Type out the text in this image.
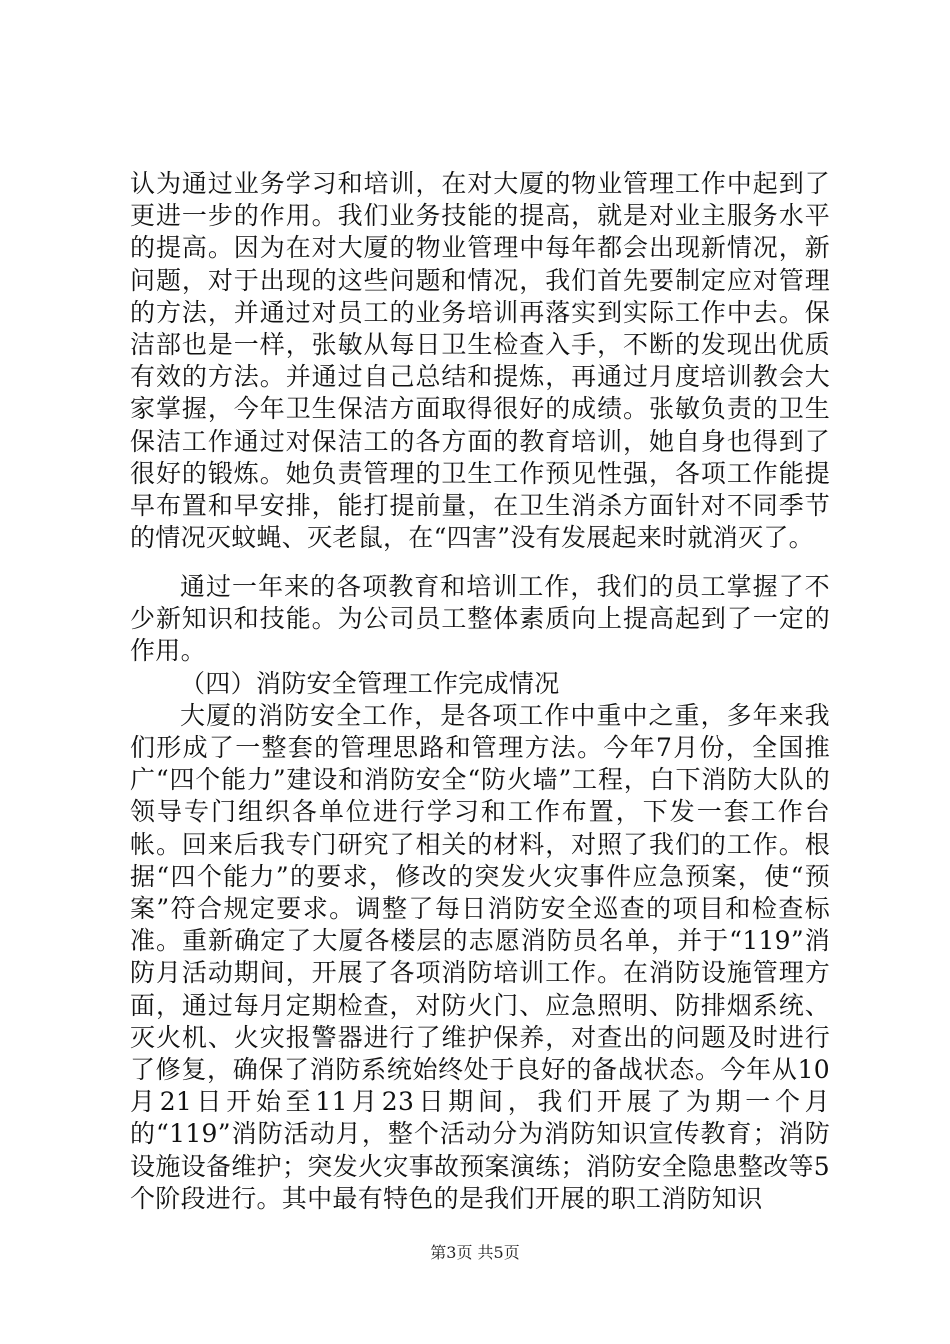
认为通过业务学习和培训，在对大厦的物业管理工作中起到了更进一步的作用。我们业务技能的提高，就是对业主服务水平的提高。因为在对大厦的物业管理中每年都会出现新情况，新问题，对于出现的这些问题和情况，我们首先要制定应对管理的方法，并通过对员工的业务培训再落实到实际工作中去。保洁部也是一样，张敏从每日卫生检查入手，不断的发现出优质有效的方法。并通过自己总结和提炼，再通过月度培训教会大家掌握，今年卫生保洁方面取得很好的成绩。张敏负责的卫生保洁工作通过对保洁工的各方面的教育培训，她自身也得到了很好的锻炼。她负责管理的卫生工作预见性强，各项工作能提早布置和早安排，能打提前量，在卫生消杀方面针对不同季节的情况灭蚊蝇、灭老鼠，在“四害”没有发展起来时就消灭了。
通过一年来的各项教育和培训工作，我们的员工掌握了不少新知识和技能。为公司员工整体素质向上提高起到了一定的作用。
（四）消防安全管理工作完成情况
大厦的消防安全工作，是各项工作中重中之重，多年来我们形成了一整套的管理思路和管理方法。今年7月份，全国推广“四个能力”建设和消防安全“防火墙”工程，白下消防大队的领导专门组织各单位进行学习和工作布置，下发一套工作台帐。回来后我专门研究了相关的材料，对照了我们的工作。根据“四个能力”的要求，修改的突发火灾事件应急预案，使“预案”符合规定要求。调整了每日消防安全巡查的项目和检查标准。重新确定了大厦各楼层的志愿消防员名单，并于“119”消防月活动期间，开展了各项消防培训工作。在消防设施管理方面，通过每月定期检查，对防火门、应急照明、防排烟系统、灭火机、火灾报警器进行了维护保养，对查出的问题及时进行了修复，确保了消防系统始终处于良好的备战状态。今年从10月21日开始至11月23日期间，我们开展了为期一个月的“119”消防活动月，整个活动分为消防知识宣传教育；消防设施设备维护；突发火灾事故预案演练；消防安全隐患整改等5个阶段进行。其中最有特色的是我们开展的职工消防知识
第3页 共5页
